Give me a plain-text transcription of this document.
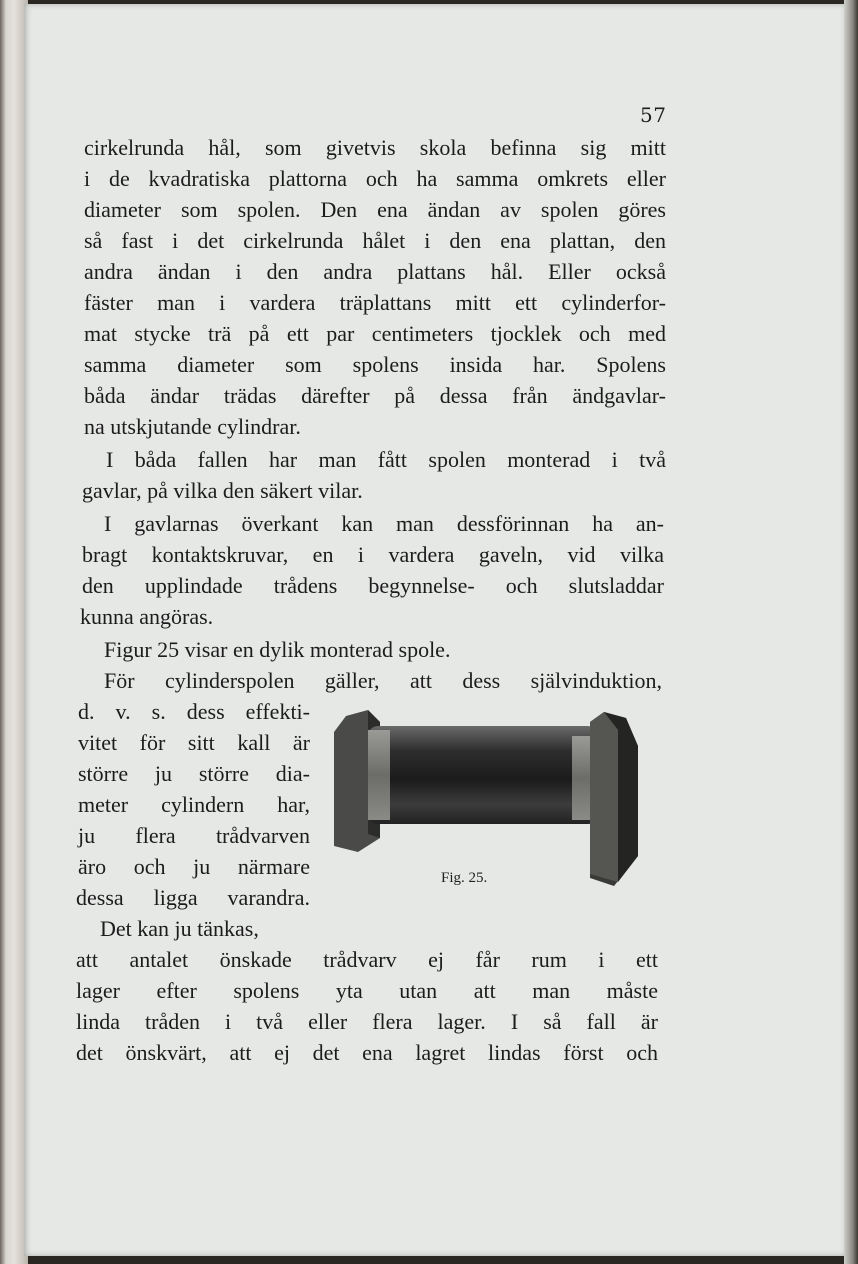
57
cirkelrunda hål, som givetvis skola befinna sig mitt
i de kvadratiska plattorna och ha samma omkrets eller
diameter som spolen. Den ena ändan av spolen göres
så fast i det cirkelrunda hålet i den ena plattan, den
andra ändan i den andra plattans hål. Eller också
fäster man i vardera träplattans mitt ett cylinderfor-
mat stycke trä på ett par centimeters tjocklek och med
samma diameter som spolens insida har. Spolens
båda ändar trädas därefter på dessa från ändgavlar-
na utskjutande cylindrar.
I båda fallen har man fått spolen monterad i två
gavlar, på vilka den säkert vilar.
I gavlarnas överkant kan man dessförinnan ha an-
bragt kontaktskruvar, en i vardera gaveln, vid vilka
den upplindade trådens begynnelse- och slutsladdar
kunna angöras.
Figur 25 visar en dylik monterad spole.
För cylinderspolen gäller, att dess självinduktion,
d. v. s. dess effekti-
vitet för sitt kall är
större ju större dia-
meter cylindern har,
ju flera trådvarven
äro och ju närmare
dessa ligga varandra.
Det kan ju tänkas,
att antalet önskade trådvarv ej får rum i ett
lager efter spolens yta utan att man måste
linda tråden i två eller flera lager. I så fall är
det önskvärt, att ej det ena lagret lindas först och
Fig. 25.
